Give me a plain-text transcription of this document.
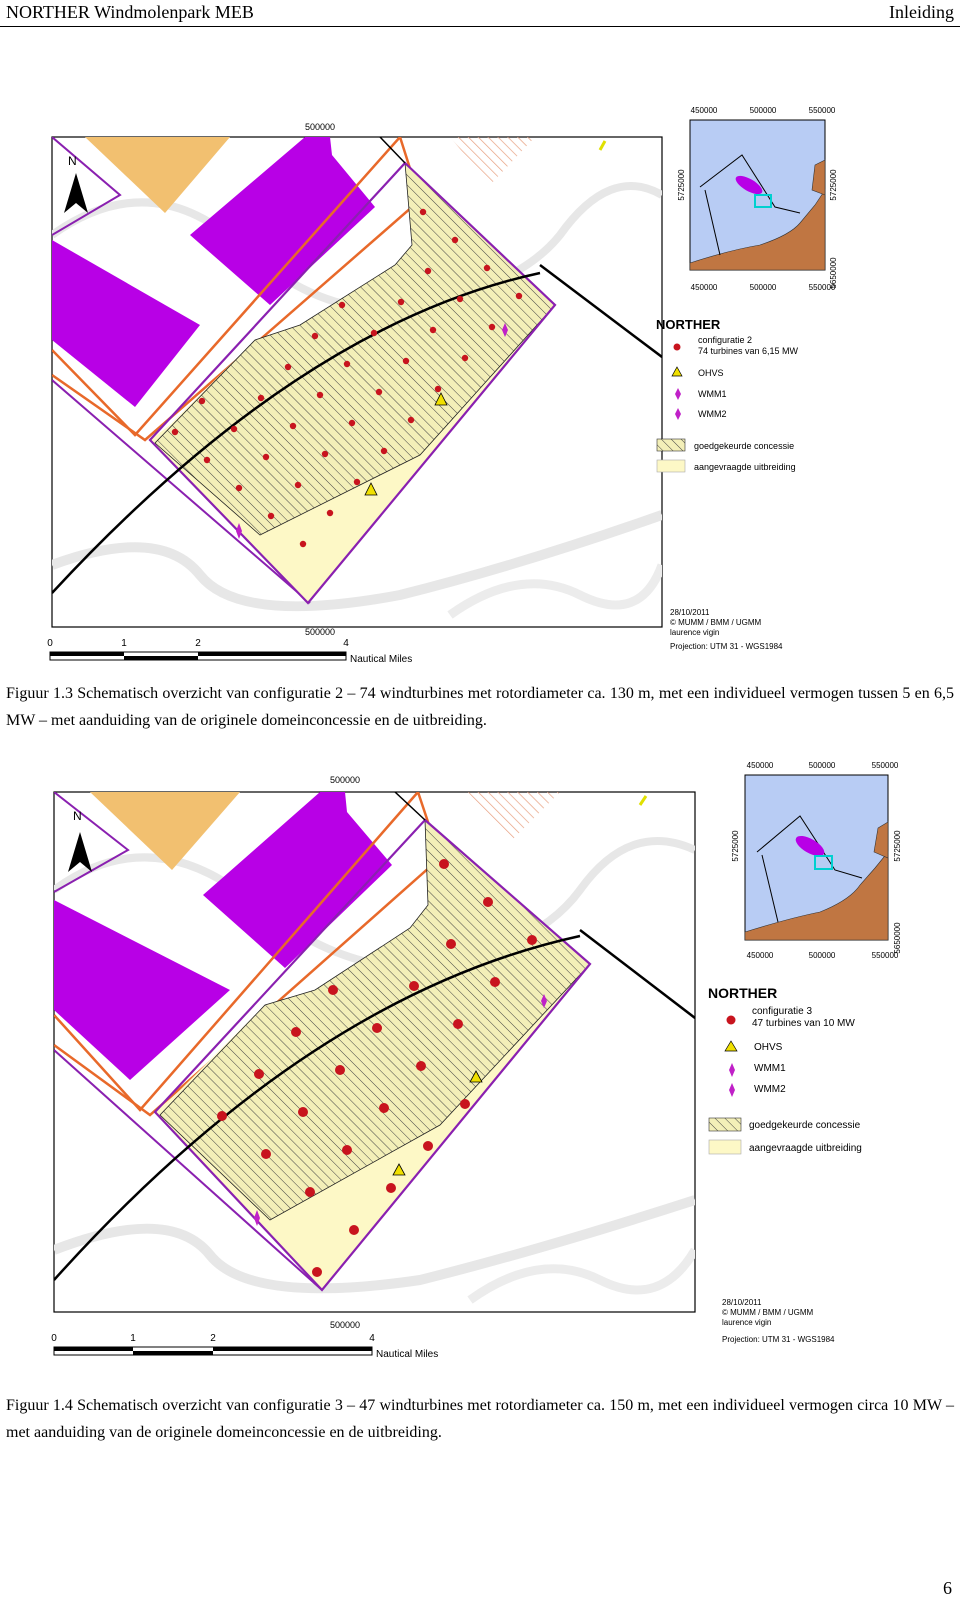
NORTHER Windmolenpark MEB	Inleiding
N
500000
500000
0	1	2	4
Nautical Miles
28/10/2011
© MUMM / BMM / UGMM
laurence vigin
Projection: UTM 31 - WGS1984
450000	500000	550000
450000	500000	550000
5725000	5725000
5650000
NORTHER
configuratie 2
74 turbines van 6,15 MW
OHVS
WMM1
WMM2
goedgekeurde concessie
aangevraagde uitbreiding
Figuur 1.3 Schematisch overzicht van configuratie 2 – 74 windturbines met rotordiameter ca. 130 m, met een individueel vermogen tussen 5 en 6,5 MW – met aanduiding van de originele domeinconcessie en de uitbreiding.
N
500000
500000
0	1	2	4
Nautical Miles
28/10/2011
© MUMM / BMM / UGMM
laurence vigin
Projection: UTM 31 - WGS1984
450000	500000	550000
450000	500000	550000
5725000	5725000
5650000
NORTHER
configuratie 3
47 turbines van 10 MW
OHVS
WMM1
WMM2
goedgekeurde concessie
aangevraagde uitbreiding
Figuur 1.4 Schematisch overzicht van configuratie 3 – 47 windturbines met rotordiameter ca. 150 m, met een individueel vermogen circa 10 MW – met aanduiding van de originele domeinconcessie en de uitbreiding.
6
